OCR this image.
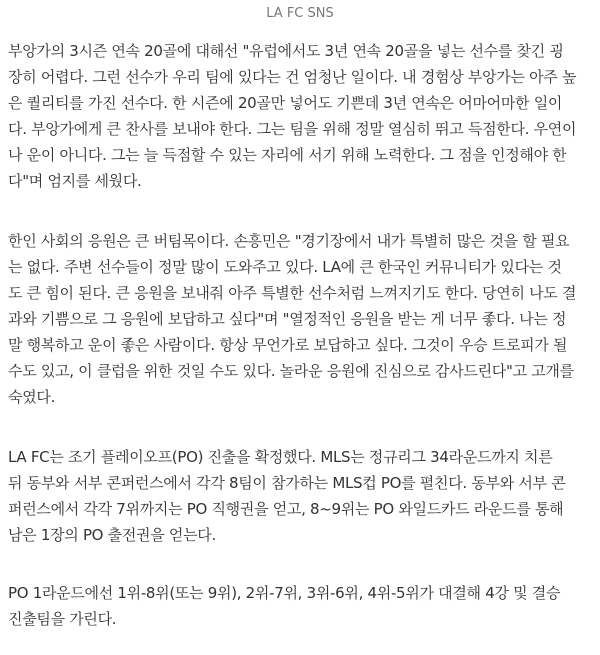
LA FC SNS

부앙가의 3시즌 연속 20골에 대해선 "유럽에서도 3년 연속 20골을 넣는 선수를 찾긴 굉
장히 어렵다. 그런 선수가 우리 팀에 있다는 건 엄청난 일이다. 내 경험상 부앙가는 아주 높
은 퀄리티를 가진 선수다. 한 시즌에 20골만 넣어도 기쁜데 3년 연속은 어마어마한 일이
다. 부앙가에게 큰 찬사를 보내야 한다. 그는 팀을 위해 정말 열심히 뛰고 득점한다. 우연이
나 운이 아니다. 그는 늘 득점할 수 있는 자리에 서기 위해 노력한다. 그 점을 인정해야 한
다"며 엄지를 세웠다.

한인 사회의 응원은 큰 버팀목이다. 손흥민은 "경기장에서 내가 특별히 많은 것을 할 필요
는 없다. 주변 선수들이 정말 많이 도와주고 있다. LA에 큰 한국인 커뮤니티가 있다는 것
도 큰 힘이 된다. 큰 응원을 보내줘 아주 특별한 선수처럼 느껴지기도 한다. 당연히 나도 결
과와 기쁨으로 그 응원에 보답하고 싶다"며 "열정적인 응원을 받는 게 너무 좋다. 나는 정
말 행복하고 운이 좋은 사람이다. 항상 무언가로 보답하고 싶다. 그것이 우승 트로피가 될
수도 있고, 이 클럽을 위한 것일 수도 있다. 놀라운 응원에 진심으로 감사드린다"고 고개를
숙였다.

LA FC는 조기 플레이오프(PO) 진출을 확정했다. MLS는 정규리그 34라운드까지 치른
뒤 동부와 서부 콘퍼런스에서 각각 8팀이 참가하는 MLS컵 PO를 펼친다. 동부와 서부 콘
퍼런스에서 각각 7위까지는 PO 직행권을 얻고, 8~9위는 PO 와일드카드 라운드를 통해
남은 1장의 PO 출전권을 얻는다.

PO 1라운드에선 1위-8위(또는 9위), 2위-7위, 3위-6위, 4위-5위가 대결해 4강 및 결승
진출팀을 가린다.
